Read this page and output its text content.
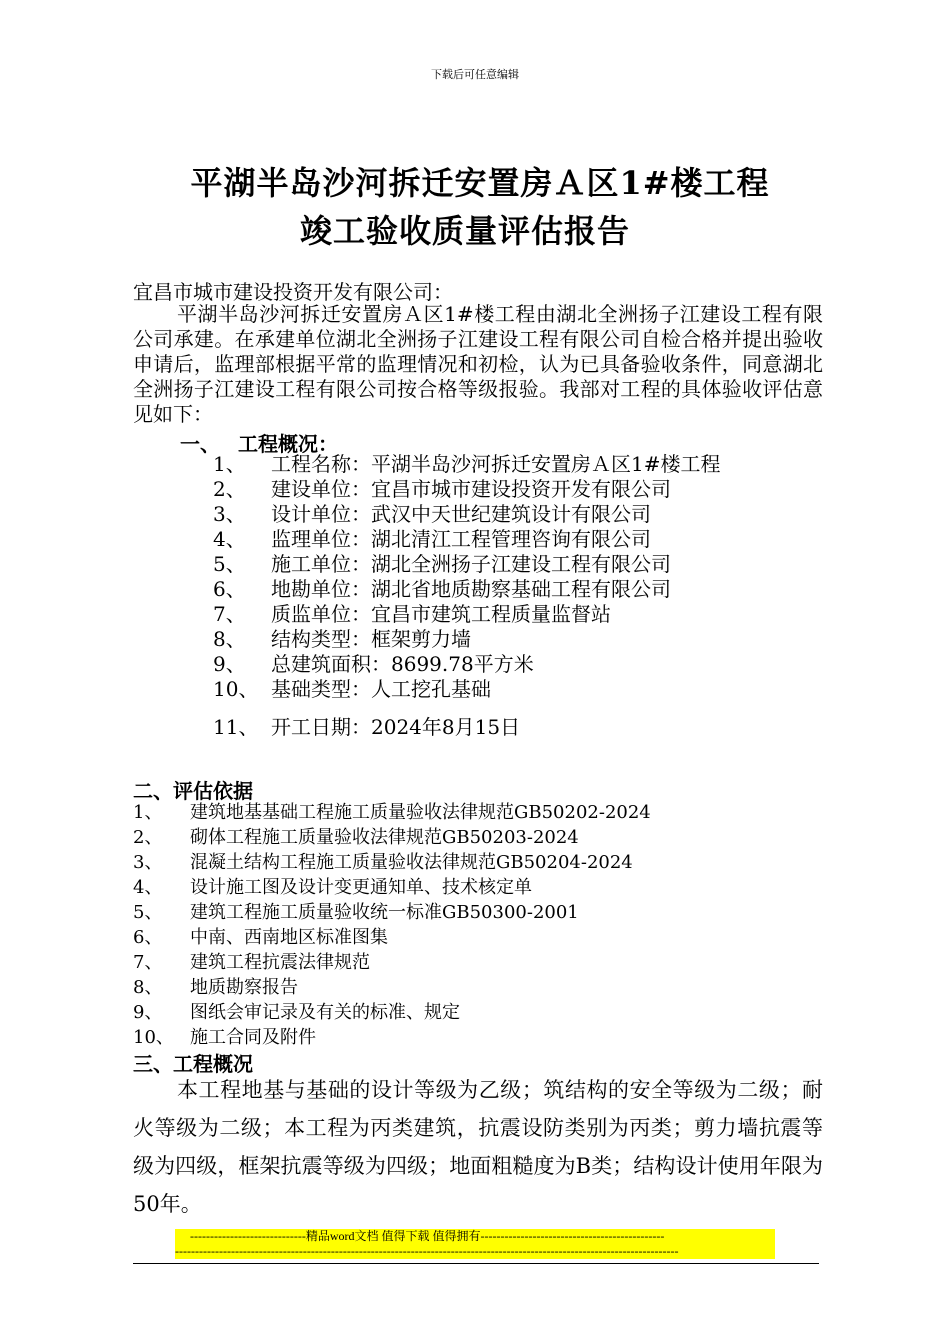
下载后可任意编辑
平湖半岛沙河拆迁安置房Ａ区1#楼工程
竣工验收质量评估报告
宜昌市城市建设投资开发有限公司：
平湖半岛沙河拆迁安置房Ａ区1#楼工程由湖北全洲扬子江建设工程有限公司承建。在承建单位湖北全洲扬子江建设工程有限公司自检合格并提出验收申请后，监理部根据平常的监理情况和初检，认为已具备验收条件，同意湖北全洲扬子江建设工程有限公司按合格等级报验。我部对工程的具体验收评估意见如下：
一、 工程概况：
1、 工程名称：平湖半岛沙河拆迁安置房Ａ区1#楼工程
2、 建设单位：宜昌市城市建设投资开发有限公司
3、 设计单位：武汉中天世纪建筑设计有限公司
4、 监理单位：湖北清江工程管理咨询有限公司
5、 施工单位：湖北全洲扬子江建设工程有限公司
6、 地勘单位：湖北省地质勘察基础工程有限公司
7、 质监单位：宜昌市建筑工程质量监督站
8、 结构类型：框架剪力墙
9、 总建筑面积：8699.78平方米
10、 基础类型：人工挖孔基础
11、 开工日期：2024年8月15日
二、评估依据
1、 建筑地基基础工程施工质量验收法律规范GB50202-2024
2、 砌体工程施工质量验收法律规范GB50203-2024
3、 混凝土结构工程施工质量验收法律规范GB50204-2024
4、 设计施工图及设计变更通知单、技术核定单
5、 建筑工程施工质量验收统一标准GB50300-2001
6、 中南、西南地区标准图集
7、 建筑工程抗震法律规范
8、 地质勘察报告
9、 图纸会审记录及有关的标准、规定
10、 施工合同及附件
三、工程概况
本工程地基与基础的设计等级为乙级；筑结构的安全等级为二级；耐火等级为二级；本工程为丙类建筑，抗震设防类别为丙类；剪力墙抗震等级为四级，框架抗震等级为四级；地面粗糙度为B类；结构设计使用年限为50年。
-----------------------------精品word文档 值得下载 值得拥有----------------------------------------------
------------------------------------------------------------------------------------------------------------------------------
